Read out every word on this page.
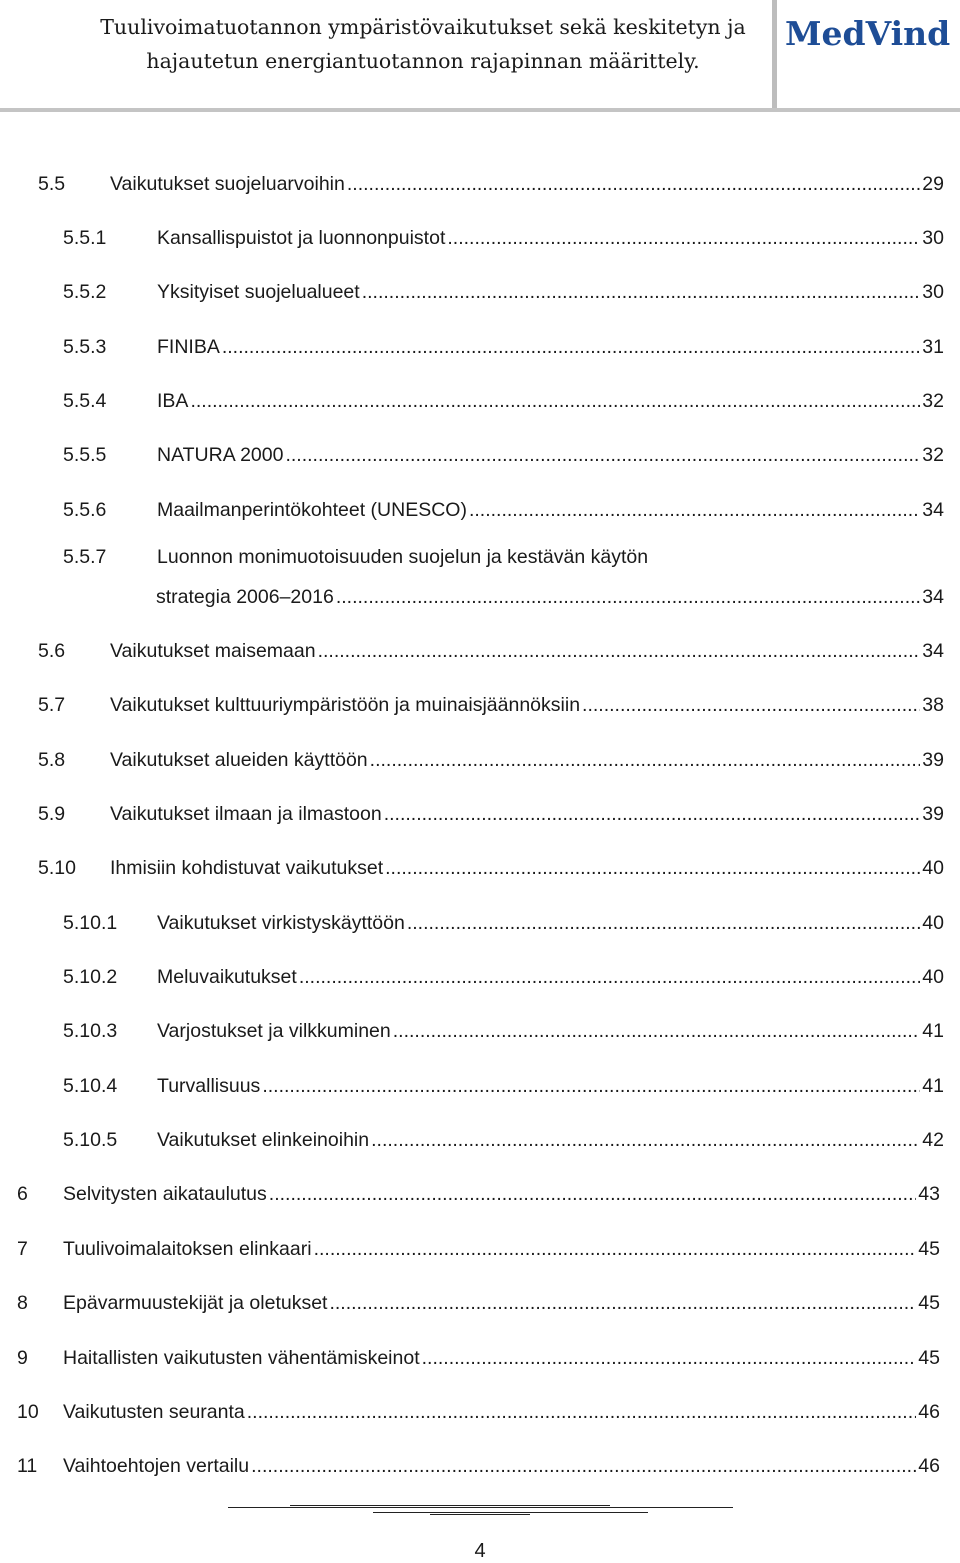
Tuulivoimatuotannon ympäristövaikutukset sekä keskitetyn ja
hajautetun energiantuotannon rajapinnan määrittely.
MedVind
5.5	Vaikutukset suojeluarvoihin .....	29
5.5.1	Kansallispuistot ja luonnonpuistot .....	30
5.5.2	Yksityiset suojelualueet .....	30
5.5.3	FINIBA .....	31
5.5.4	IBA .....	32
5.5.5	NATURA 2000 .....	32
5.5.6	Maailmanperintökohteet (UNESCO) .....	34
5.5.7	Luonnon monimuotoisuuden suojelun ja kestävän käytön
strategia 2006–2016 .....	34
5.6	Vaikutukset maisemaan .....	34
5.7	Vaikutukset kulttuuriympäristöön ja muinaisjäännöksiin .....	38
5.8	Vaikutukset alueiden käyttöön .....	39
5.9	Vaikutukset ilmaan ja ilmastoon .....	39
5.10	Ihmisiin kohdistuvat vaikutukset .....	40
5.10.1	Vaikutukset virkistyskäyttöön .....	40
5.10.2	Meluvaikutukset .....	40
5.10.3	Varjostukset ja vilkkuminen .....	41
5.10.4	Turvallisuus .....	41
5.10.5	Vaikutukset elinkeinoihin .....	42
6	Selvitysten aikataulutus .....	43
7	Tuulivoimalaitoksen elinkaari .....	45
8	Epävarmuustekijät ja oletukset .....	45
9	Haitallisten vaikutusten vähentämiskeinot .....	45
10	Vaikutusten seuranta .....	46
11	Vaihtoehtojen vertailu .....	46
4
